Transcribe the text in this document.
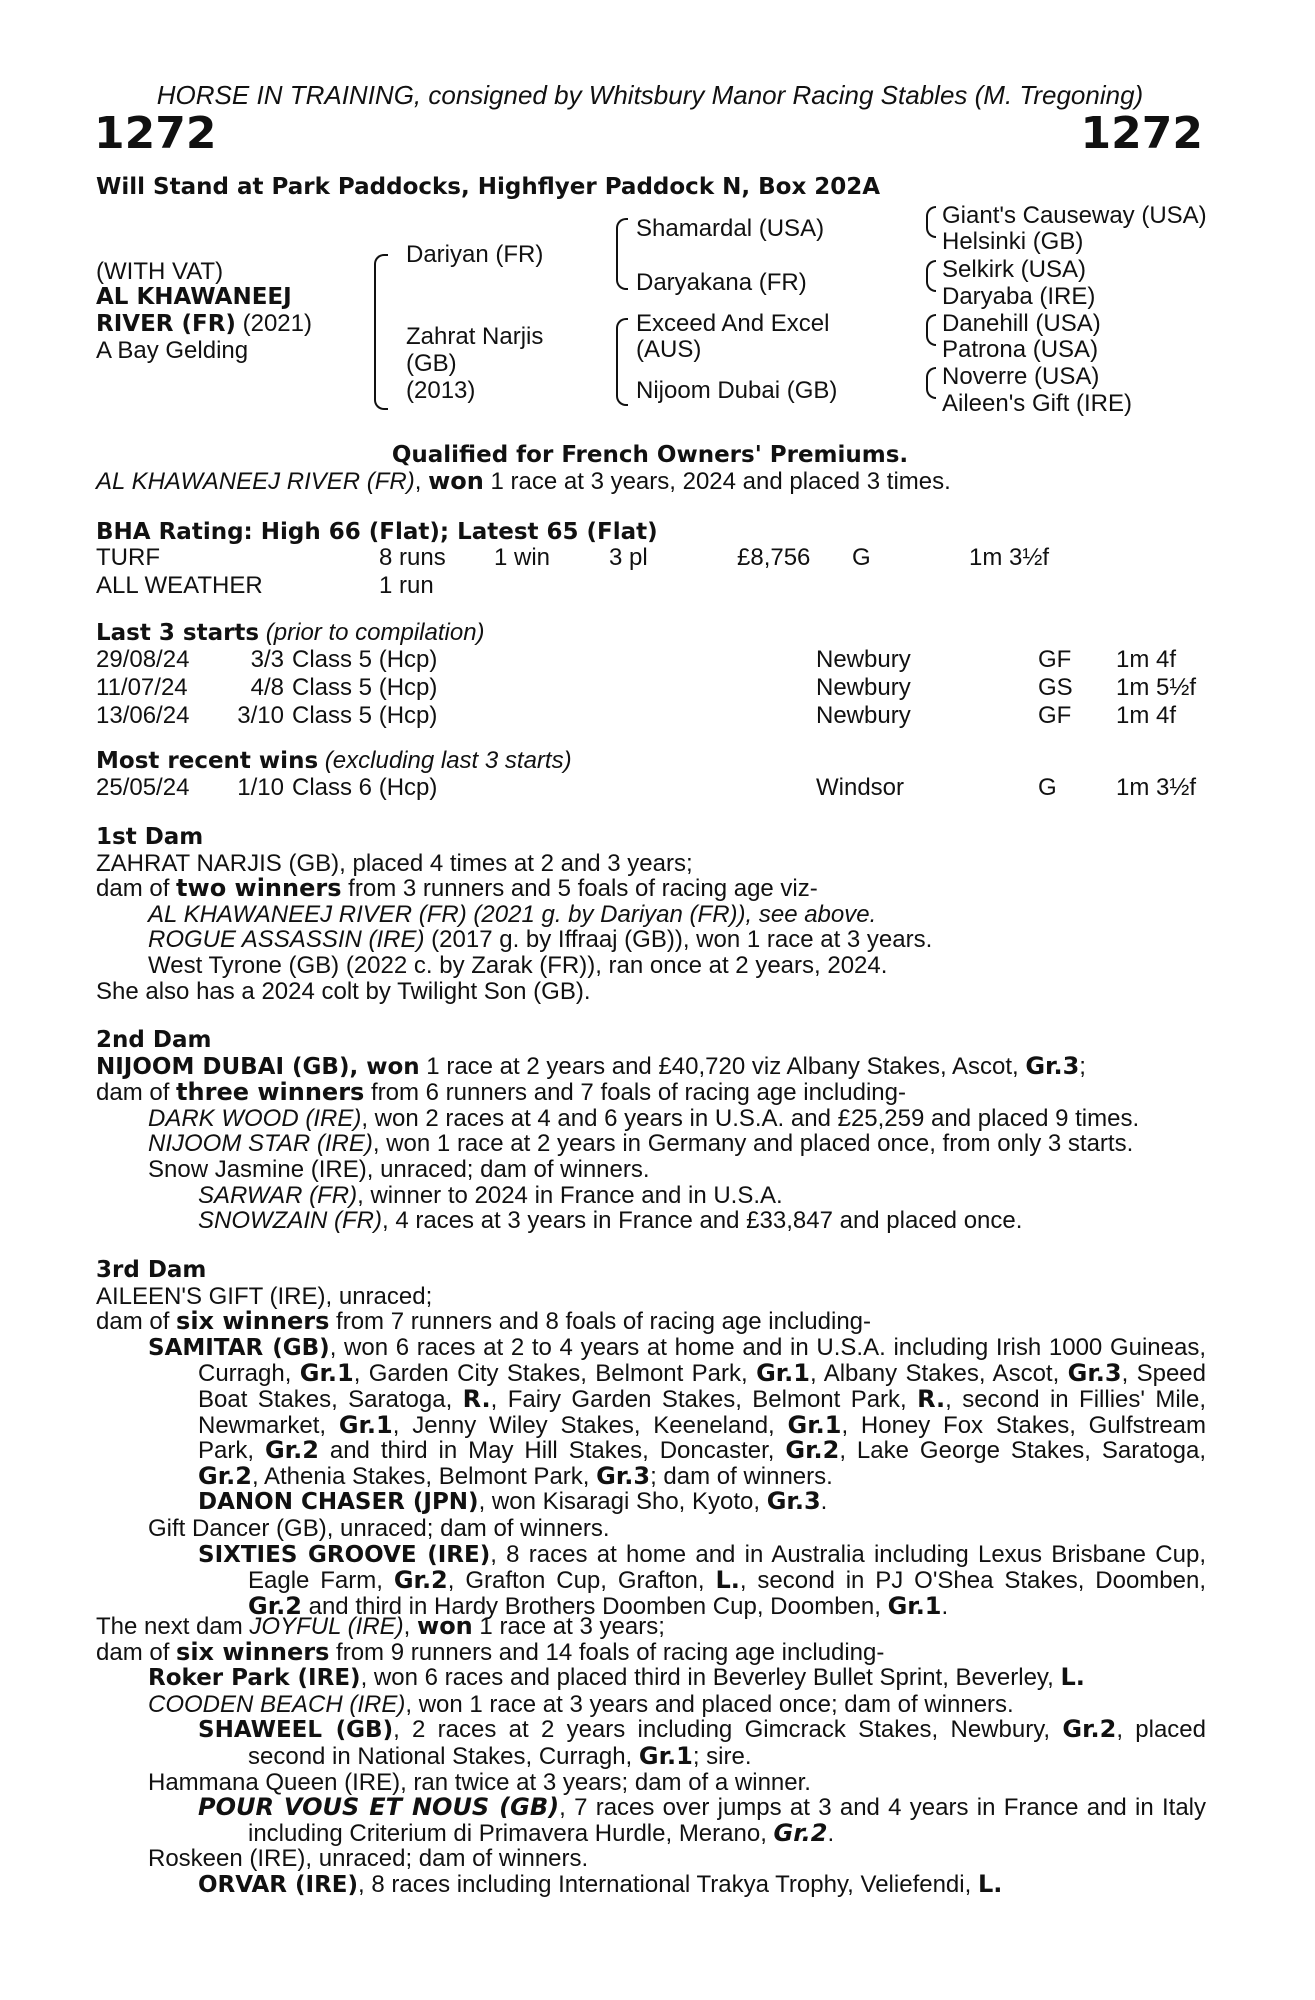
HORSE IN TRAINING, consigned by Whitsbury Manor Racing Stables (M. Tregoning)
1272	1272
Will Stand at Park Paddocks, Highflyer Paddock N, Box 202A
(WITH VAT)
AL KHAWANEEJ
RIVER (FR) (2021)
A Bay Gelding
Dariyan (FR)
Zahrat Narjis
(GB)
(2013)
Shamardal (USA)
Daryakana (FR)
Exceed And Excel
(AUS)
Nijoom Dubai (GB)
Giant's Causeway (USA)
Helsinki (GB)
Selkirk (USA)
Daryaba (IRE)
Danehill (USA)
Patrona (USA)
Noverre (USA)
Aileen's Gift (IRE)
Qualified for French Owners' Premiums.
AL KHAWANEEJ RIVER (FR), won 1 race at 3 years, 2024 and placed 3 times.
BHA Rating: High 66 (Flat); Latest 65 (Flat)
TURF	8 runs	1 win	3 pl	£8,756	G	1m 3½f
ALL WEATHER	1 run					
Last 3 starts (prior to compilation)
29/08/24	3/3		Class 5 (Hcp)	Newbury	GF	1m 4f
11/07/24	4/8		Class 5 (Hcp)	Newbury	GS	1m 5½f
13/06/24	3/10		Class 5 (Hcp)	Newbury	GF	1m 4f
Most recent wins (excluding last 3 starts)
25/05/24	1/10		Class 6 (Hcp)	Windsor	G	1m 3½f
1st Dam
ZAHRAT NARJIS (GB), placed 4 times at 2 and 3 years;
dam of two winners from 3 runners and 5 foals of racing age viz-
AL KHAWANEEJ RIVER (FR) (2021 g. by Dariyan (FR)), see above.
ROGUE ASSASSIN (IRE) (2017 g. by Iffraaj (GB)), won 1 race at 3 years.
West Tyrone (GB) (2022 c. by Zarak (FR)), ran once at 2 years, 2024.
She also has a 2024 colt by Twilight Son (GB).
2nd Dam
NIJOOM DUBAI (GB), won 1 race at 2 years and £40,720 viz Albany Stakes, Ascot, Gr.3;
dam of three winners from 6 runners and 7 foals of racing age including-
DARK WOOD (IRE), won 2 races at 4 and 6 years in U.S.A. and £25,259 and placed 9 times.
NIJOOM STAR (IRE), won 1 race at 2 years in Germany and placed once, from only 3 starts.
Snow Jasmine (IRE), unraced; dam of winners.
SARWAR (FR), winner to 2024 in France and in U.S.A.
SNOWZAIN (FR), 4 races at 3 years in France and £33,847 and placed once.
3rd Dam
AILEEN'S GIFT (IRE), unraced;
dam of six winners from 7 runners and 8 foals of racing age including-
SAMITAR (GB), won 6 races at 2 to 4 years at home and in U.S.A. including Irish 1000 Guineas, Curragh, Gr.1, Garden City Stakes, Belmont Park, Gr.1, Albany Stakes, Ascot, Gr.3, Speed Boat Stakes, Saratoga, R., Fairy Garden Stakes, Belmont Park, R., second in Fillies' Mile, Newmarket, Gr.1, Jenny Wiley Stakes, Keeneland, Gr.1, Honey Fox Stakes, Gulfstream Park, Gr.2 and third in May Hill Stakes, Doncaster, Gr.2, Lake George Stakes, Saratoga, Gr.2, Athenia Stakes, Belmont Park, Gr.3; dam of winners.
DANON CHASER (JPN), won Kisaragi Sho, Kyoto, Gr.3.
Gift Dancer (GB), unraced; dam of winners.
SIXTIES GROOVE (IRE), 8 races at home and in Australia including Lexus Brisbane Cup, Eagle Farm, Gr.2, Grafton Cup, Grafton, L., second in PJ O'Shea Stakes, Doomben, Gr.2 and third in Hardy Brothers Doomben Cup, Doomben, Gr.1.
The next dam JOYFUL (IRE), won 1 race at 3 years;
dam of six winners from 9 runners and 14 foals of racing age including-
Roker Park (IRE), won 6 races and placed third in Beverley Bullet Sprint, Beverley, L.
COODEN BEACH (IRE), won 1 race at 3 years and placed once; dam of winners.
SHAWEEL (GB), 2 races at 2 years including Gimcrack Stakes, Newbury, Gr.2, placed second in National Stakes, Curragh, Gr.1; sire.
Hammana Queen (IRE), ran twice at 3 years; dam of a winner.
POUR VOUS ET NOUS (GB), 7 races over jumps at 3 and 4 years in France and in Italy including Criterium di Primavera Hurdle, Merano, Gr.2.
Roskeen (IRE), unraced; dam of winners.
ORVAR (IRE), 8 races including International Trakya Trophy, Veliefendi, L.
